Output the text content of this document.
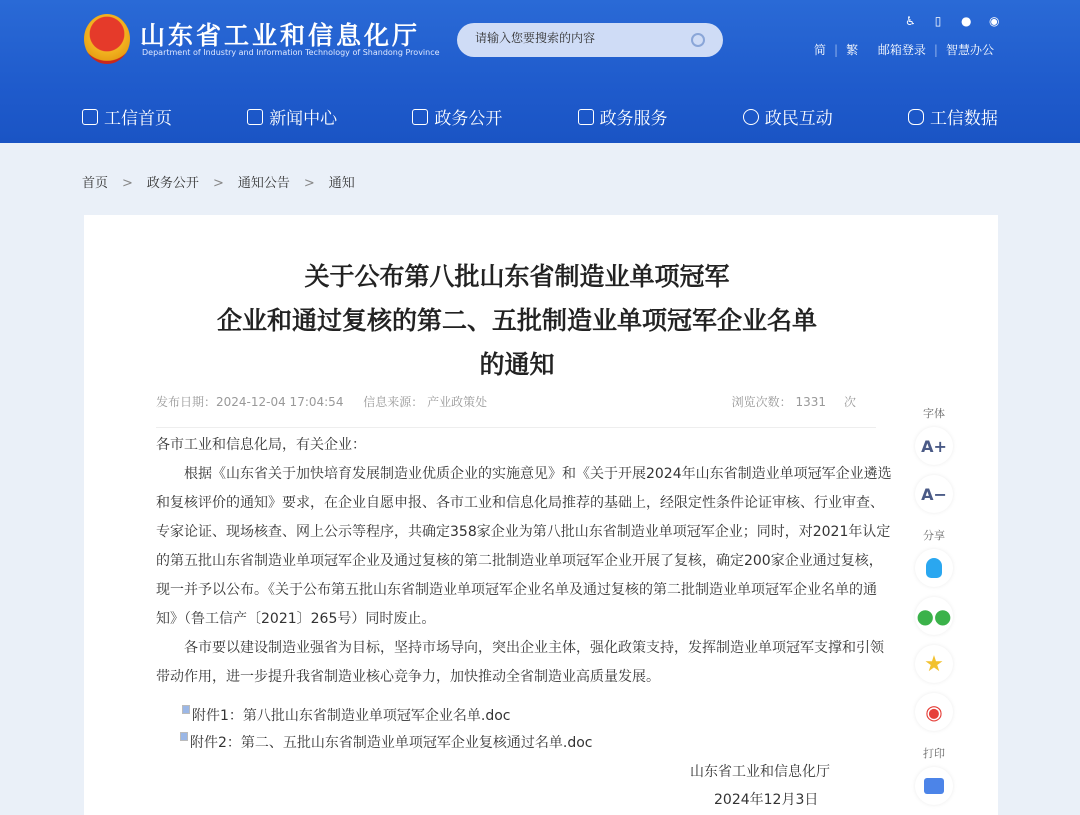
山东省工业和信息化厅
Department of Industry and Information Technology of Shandong Province
请输入您要搜索的内容
♿ ▯ ● ◉
简 | 繁 邮箱登录 | 智慧办公
工信首页	新闻中心	政务公开	政务服务	政民互动	工信数据
首页 > 政务公开 > 通知公告 > 通知
关于公布第八批山东省制造业单项冠军
企业和通过复核的第二、五批制造业单项冠军企业名单
的通知
发布日期：2024-12-04 17:04:54 信息来源： 产业政策处	浏览次数： 1331 次
各市工业和信息化局，有关企业：
　　根据《山东省关于加快培育发展制造业优质企业的实施意见》和《关于开展2024年山东省制造业单项冠军企业遴选
和复核评价的通知》要求，在企业自愿申报、各市工业和信息化局推荐的基础上，经限定性条件论证审核、行业审查、
专家论证、现场核查、网上公示等程序，共确定358家企业为第八批山东省制造业单项冠军企业；同时，对2021年认定
的第五批山东省制造业单项冠军企业及通过复核的第二批制造业单项冠军企业开展了复核，确定200家企业通过复核，
现一并予以公布。《关于公布第五批山东省制造业单项冠军企业名单及通过复核的第二批制造业单项冠军企业名单的通
知》（鲁工信产〔2021〕265号）同时废止。
　　各市要以建设制造业强省为目标，坚持市场导向，突出企业主体，强化政策支持，发挥制造业单项冠军支撑和引领
带动作用，进一步提升我省制造业核心竞争力，加快推动全省制造业高质量发展。
附件1：第八批山东省制造业单项冠军企业名单.doc
附件2：第二、五批山东省制造业单项冠军企业复核通过名单.doc
山东省工业和信息化厅
2024年12月3日
字体
A+
A−
分享
●●
★
◉
打印
